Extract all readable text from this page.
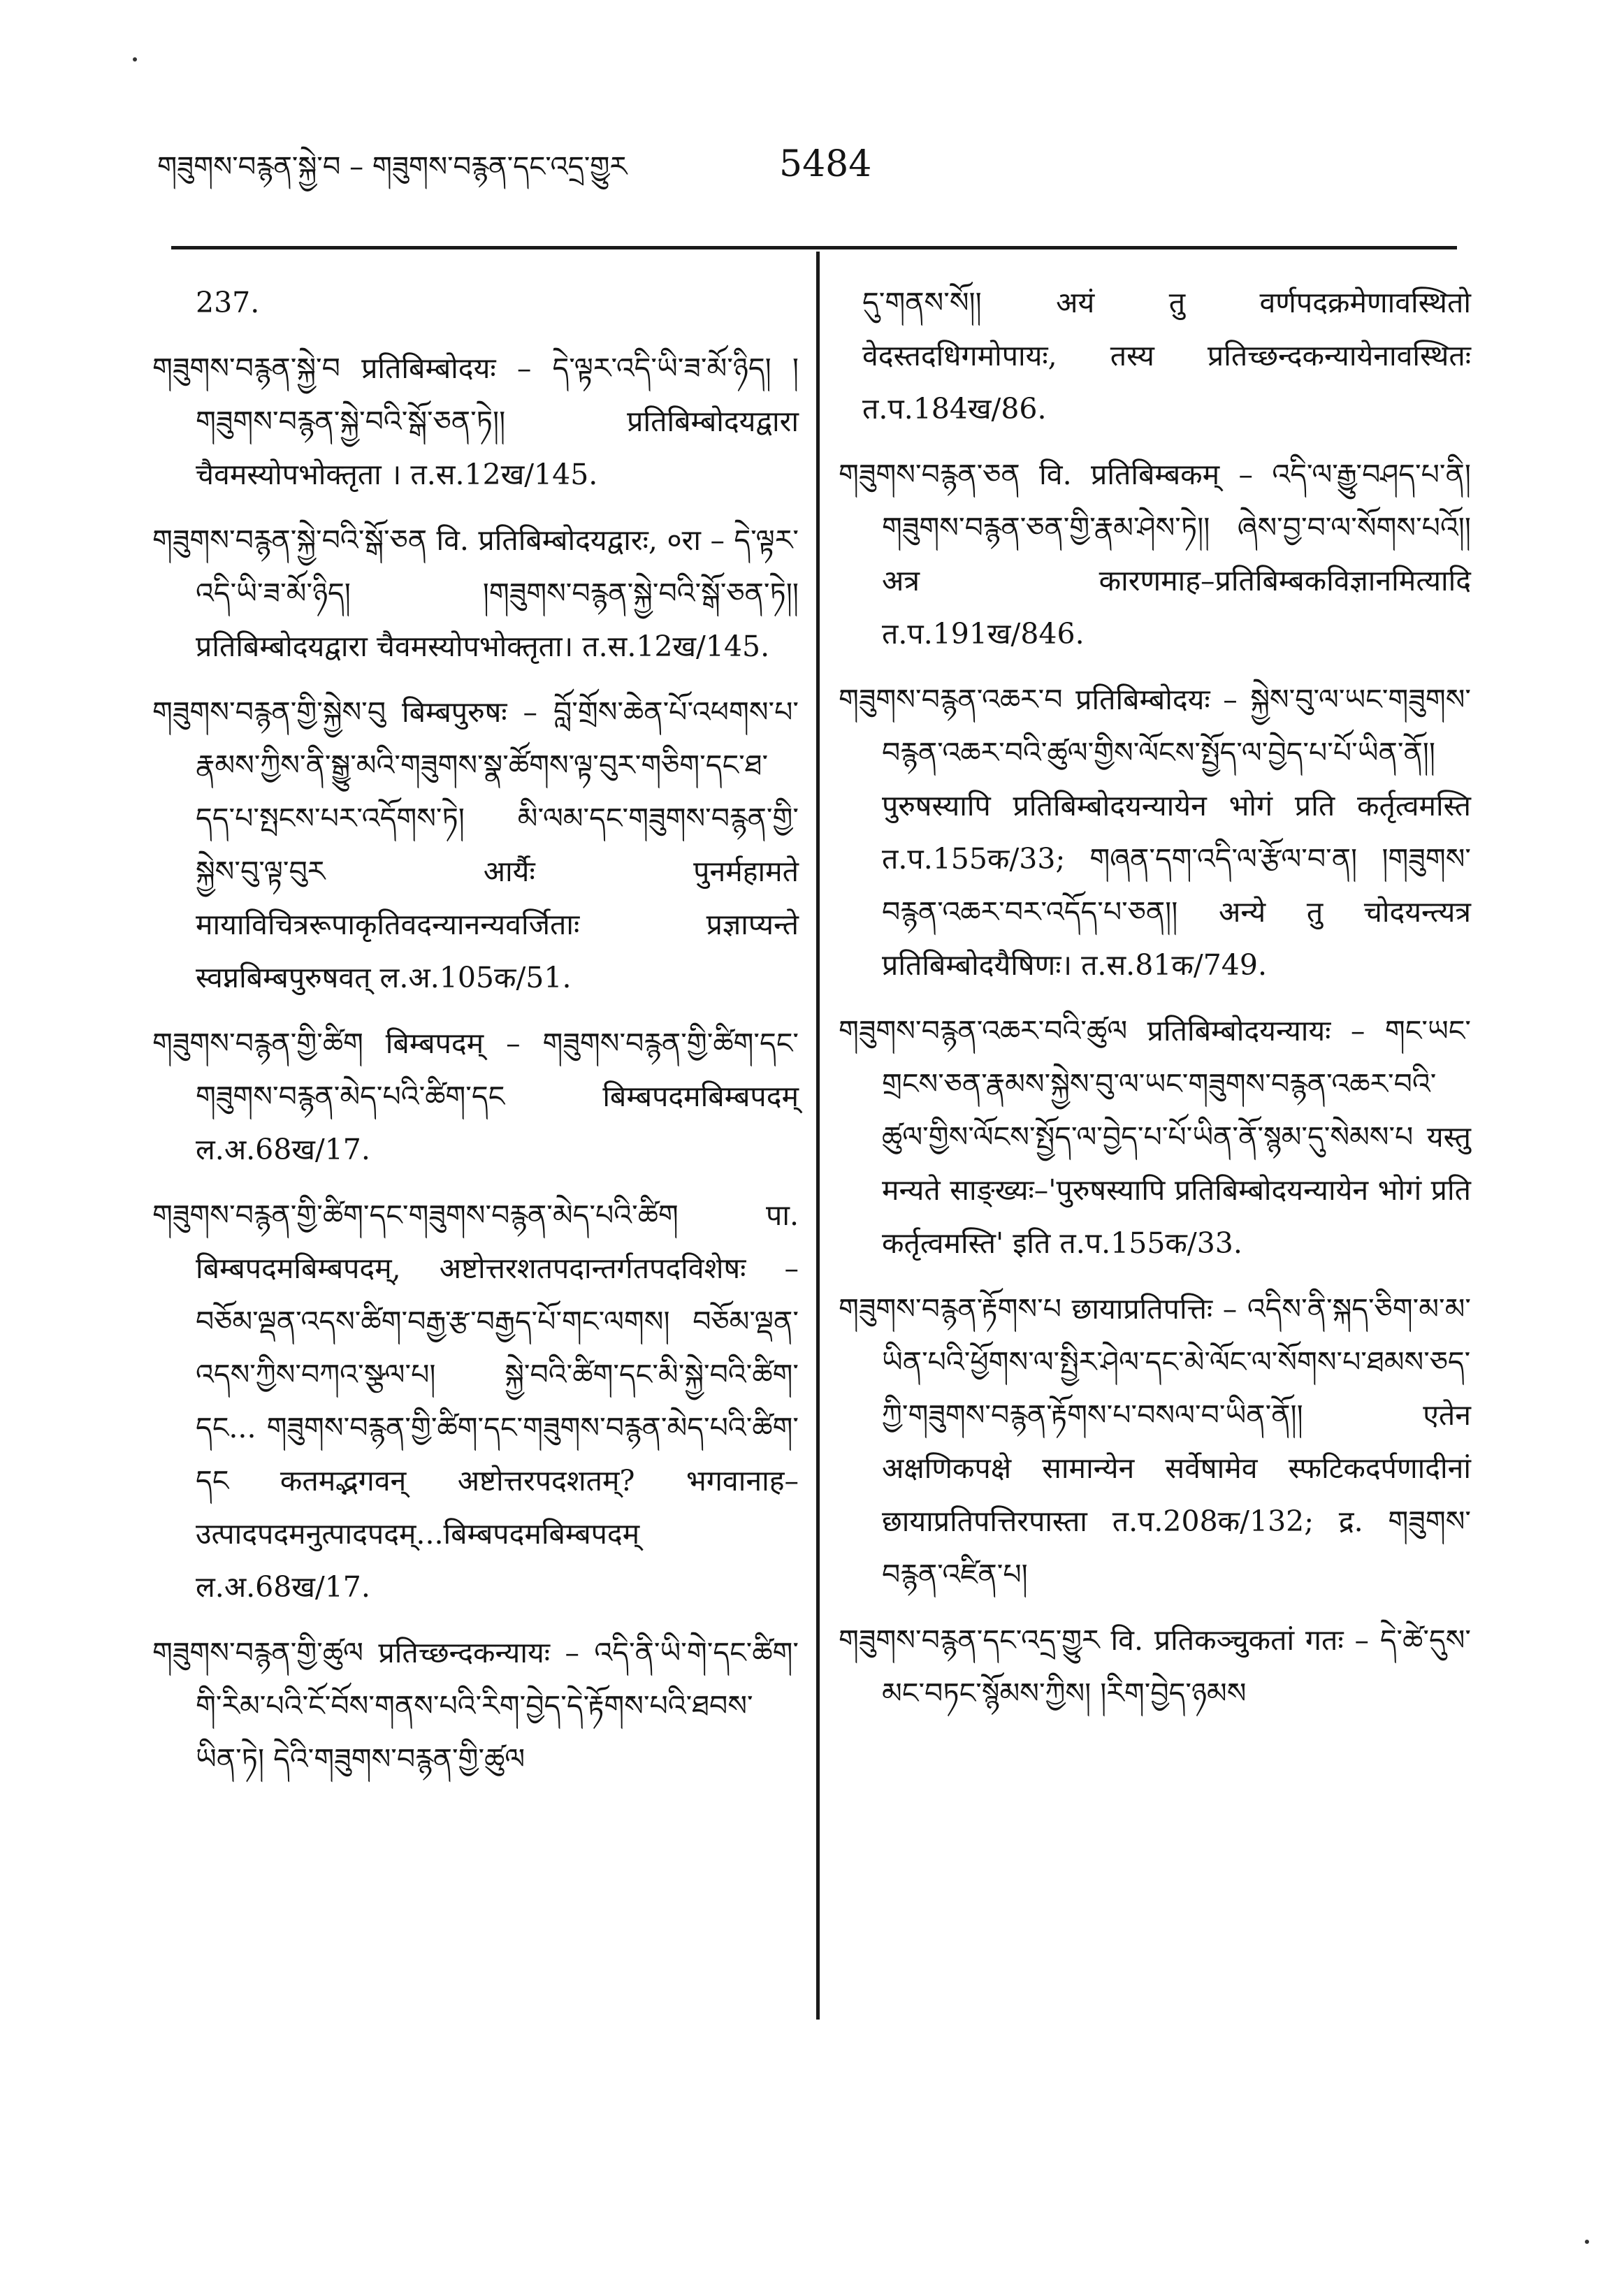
གཟུགས་བརྙན་སྐྱེ་བ – གཟུགས་བརྙན་དང་འདྲ་གྱུར	5484

237.

གཟུགས་བརྙན་སྐྱེ་བ प्रतिबिम्बोदयः – དེ་ལྟར་འདི་ཡི་ཟ་མོ་ཉིད། །གཟུགས་བརྙན་སྐྱེ་བའི་སྒོ་ཅན་ཏེ།། प्रतिबिम्बोदयद्वारा चैवमस्योपभोक्तृता । त.स.12ख/145.

གཟུགས་བརྙན་སྐྱེ་བའི་སྒོ་ཅན वि. प्रतिबिम्बोदयद्वारः, ०रा – དེ་ལྟར་འདི་ཡི་ཟ་མོ་ཉིད། །གཟུགས་བརྙན་སྐྱེ་བའི་སྒོ་ཅན་ཏེ།། प्रतिबिम्बोदयद्वारा चैवमस्योपभोक्तृता। त.स.12ख/145.

གཟུགས་བརྙན་གྱི་སྐྱེས་བུ बिम्बपुरुषः – བློ་གྲོས་ཆེན་པོ་འཕགས་པ་རྣམས་ཀྱིས་ནི་སྒྱུ་མའི་གཟུགས་སྣ་ཚོགས་ལྟ་བུར་གཅིག་དང་ཐ་དད་པ་སྤངས་པར་འདོགས་ཏེ། མི་ལམ་དང་གཟུགས་བརྙན་གྱི་སྐྱེས་བུ་ལྟ་བུར आर्यैः पुनर्महामते मायाविचित्ररूपाकृतिवदन्यानन्यवर्जिताः प्रज्ञाप्यन्ते स्वप्नबिम्बपुरुषवत् ल.अ.105क/51.

གཟུགས་བརྙན་གྱི་ཚིག बिम्बपदम् – གཟུགས་བརྙན་གྱི་ཚིག་དང་གཟུགས་བརྙན་མེད་པའི་ཚིག་དང बिम्बपदमबिम्बपदम् ल.अ.68ख/17.

གཟུགས་བརྙན་གྱི་ཚིག་དང་གཟུགས་བརྙན་མེད་པའི་ཚིག पा. बिम्बपदमबिम्बपदम्, अष्टोत्तरशतपदान्तर्गतपदविशेषः – བཅོམ་ལྡན་འདས་ཚིག་བརྒྱ་རྩ་བརྒྱད་པོ་གང་ལགས། བཅོམ་ལྡན་འདས་ཀྱིས་བཀའ་སྩལ་པ། སྐྱེ་བའི་ཚིག་དང་མི་སྐྱེ་བའི་ཚིག་དང... གཟུགས་བརྙན་གྱི་ཚིག་དང་གཟུགས་བརྙན་མེད་པའི་ཚིག་དང कतमद्भगवन् अष्टोत्तरपदशतम्? भगवानाह–उत्पादपदमनुत्पादपदम्...बिम्बपदमबिम्बपदम् ल.अ.68ख/17.

གཟུགས་བརྙན་གྱི་ཚུལ प्रतिच्छन्दकन्यायः – འདི་ནི་ཡི་གེ་དང་ཚིག་གི་རིམ་པའི་ངོ་བོས་གནས་པའི་རིག་བྱེད་དེ་རྟོགས་པའི་ཐབས་ཡིན་ཏེ། དེའི་གཟུགས་བརྙན་གྱི་ཚུལ

དུ་གནས་སོ།། अयं तु वर्णपदक्रमेणावस्थितो वेदस्तदधिगमोपायः, तस्य प्रतिच्छन्दकन्यायेनावस्थितः त.प.184ख/86.

གཟུགས་བརྙན་ཅན वि. प्रतिबिम्बकम् – འདི་ལ་རྒྱུ་བཤད་པ་ནི། གཟུགས་བརྙན་ཅན་གྱི་རྣམ་ཤེས་ཏེ།། ཞེས་བྱ་བ་ལ་སོགས་པའོ།། अत्र कारणमाह–प्रतिबिम्बकविज्ञानमित्यादि त.प.191ख/846.

གཟུགས་བརྙན་འཆར་བ प्रतिबिम्बोदयः – སྐྱེས་བུ་ལ་ཡང་གཟུགས་བརྙན་འཆར་བའི་ཚུལ་གྱིས་ལོངས་སྤྱོད་ལ་བྱེད་པ་པོ་ཡིན་ནོ།། पुरुषस्यापि प्रतिबिम्बोदयन्यायेन भोगं प्रति कर्तृत्वमस्ति त.प.155क/33; གཞན་དག་འདི་ལ་རྩོལ་བ་ན། །གཟུགས་བརྙན་འཆར་བར་འདོད་པ་ཅན།། अन्ये तु चोदयन्त्यत्र प्रतिबिम्बोदयैषिणः। त.स.81क/749.

གཟུགས་བརྙན་འཆར་བའི་ཚུལ प्रतिबिम्बोदयन्यायः – གང་ཡང་གྲངས་ཅན་རྣམས་སྐྱེས་བུ་ལ་ཡང་གཟུགས་བརྙན་འཆར་བའི་ཚུལ་གྱིས་ལོངས་སྤྱོད་ལ་བྱེད་པ་པོ་ཡིན་ནོ་སྙམ་དུ་སེམས་པ यस्तु मन्यते साङ्ख्यः–'पुरुषस्यापि प्रतिबिम्बोदयन्यायेन भोगं प्रति कर्तृत्वमस्ति' इति त.प.155क/33.

གཟུགས་བརྙན་རྟོགས་པ छायाप्रतिपत्तिः – འདིས་ནི་སྐད་ཅིག་མ་མ་ཡིན་པའི་ཕྱོགས་ལ་སྤྱིར་ཤེལ་དང་མེ་ལོང་ལ་སོགས་པ་ཐམས་ཅད་ཀྱི་གཟུགས་བརྙན་རྟོགས་པ་བསལ་བ་ཡིན་ནོ།། एतेन अक्षणिकपक्षे सामान्येन सर्वेषामेव स्फटिकदर्पणादीनां छायाप्रतिपत्तिरपास्ता त.प.208क/132; द्र. གཟུགས་བརྙན་འཛིན་པ།

གཟུགས་བརྙན་དང་འདྲ་གྱུར वि. प्रतिकञ्चुकतां गतः – དེ་ཚེ་དུས་མང་བཏང་སྙོམས་ཀྱིས། །རིག་བྱེད་ཉམས
